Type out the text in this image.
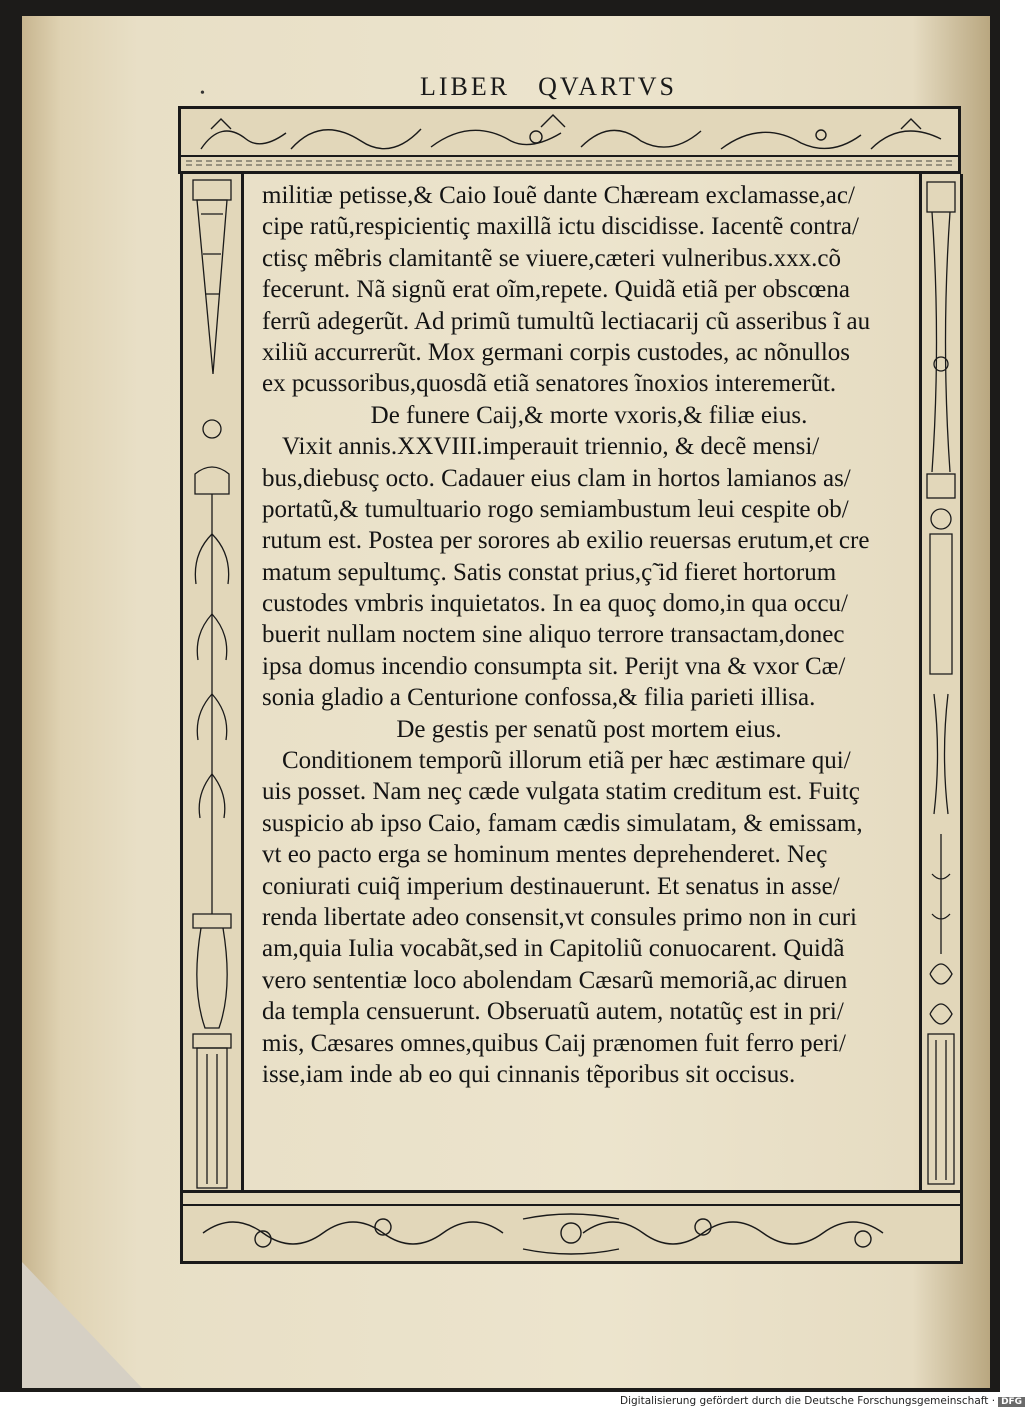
•	LIBER QVARTVS
militiæ petisse,& Caio Iouẽ dante Chæream exclamasse,ac/
cipe ratũ,respicientiç maxillã ictu discidisse. Iacentẽ contra/
ctisç mẽbris clamitantẽ se viuere,cæteri vulneribus.xxx.cõ
fecerunt. Nã signũ erat oĩm,repete. Quidã etiã per obscœna
ferrũ adegerũt. Ad primũ tumultũ lectiacarij cũ asseribus ĩ au
xiliũ accurrerũt. Mox germani corpis custodes, ac nõnullos
ex pcussoribus,quosdã etiã senatores ĩnoxios interemerũt.
De funere Caij,& morte vxoris,& filiæ eius.
Vixit annis.XXVIII.imperauit triennio, & decẽ mensi/
bus,diebusç octo. Cadauer eius clam in hortos lamianos as/
portatũ,& tumultuario rogo semiambustum leui cespite ob/
rutum est. Postea per sorores ab exilio reuersas erutum,et cre
matum sepultumç. Satis constat prius,ç̃ id fieret hortorum
custodes vmbris inquietatos. In ea quoç domo,in qua occu/
buerit nullam noctem sine aliquo terrore transactam,donec
ipsa domus incendio consumpta sit. Perijt vna & vxor Cæ/
sonia gladio a Centurione confossa,& filia parieti illisa.
De gestis per senatũ post mortem eius.
Conditionem temporũ illorum etiã per hæc æstimare qui/
uis posset. Nam neç cæde vulgata statim creditum est. Fuitç
suspicio ab ipso Caio, famam cædis simulatam, & emissam,
vt eo pacto erga se hominum mentes deprehenderet. Neç
coniurati cuiq̃ imperium destinauerunt. Et senatus in asse/
renda libertate adeo consensit,vt consules primo non in curi
am,quia Iulia vocabãt,sed in Capitoliũ conuocarent. Quidã
vero sententiæ loco abolendam Cæsarũ memoriã,ac diruen
da templa censuerunt. Obseruatũ autem, notatũç est in pri/
mis, Cæsares omnes,quibus Caij prænomen fuit ferro peri/
isse,iam inde ab eo qui cinnanis tẽporibus sit occisus.
Digitalisierung gefördert durch die Deutsche Forschungsgemeinschaft · DFG
